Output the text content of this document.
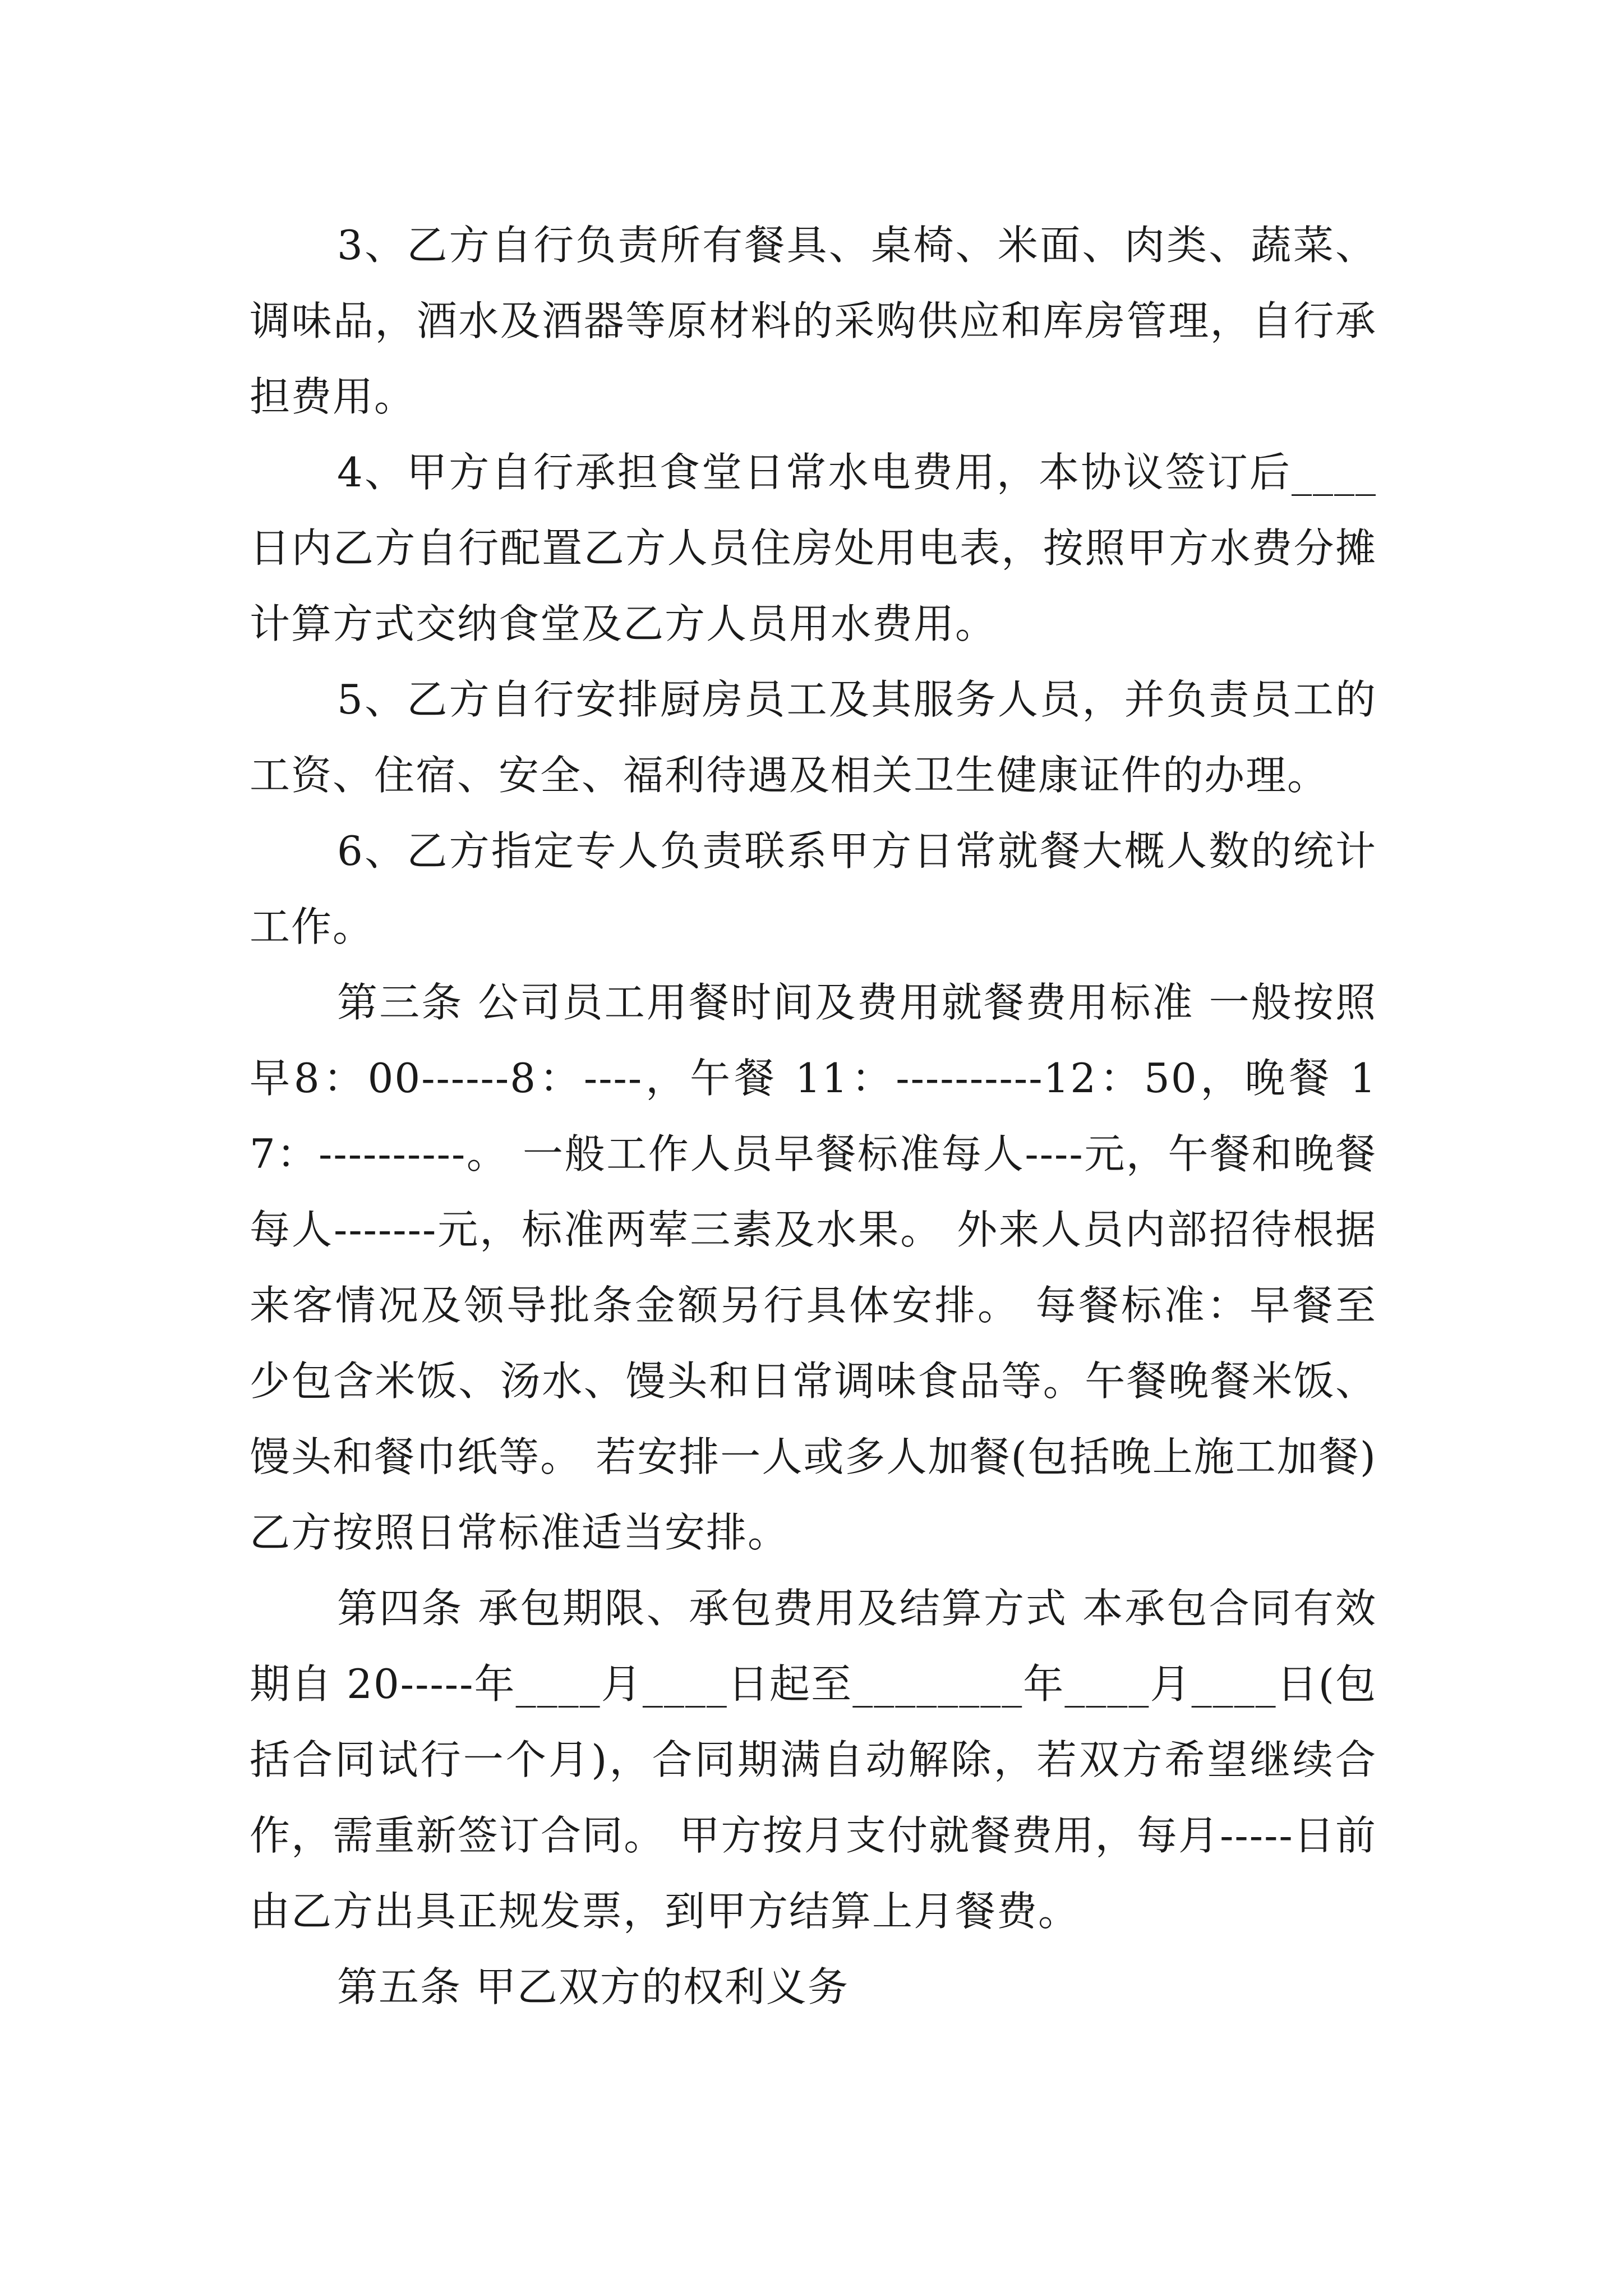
3、乙方自行负责所有餐具、桌椅、米面、肉类、蔬菜、调味品，酒水及酒器等原材料的采购供应和库房管理，自行承担费用。

4、甲方自行承担食堂日常水电费用，本协议签订后____日内乙方自行配置乙方人员住房处用电表，按照甲方水费分摊计算方式交纳食堂及乙方人员用水费用。

5、乙方自行安排厨房员工及其服务人员，并负责员工的工资、住宿、安全、福利待遇及相关卫生健康证件的办理。

6、乙方指定专人负责联系甲方日常就餐大概人数的统计工作。

第三条 公司员工用餐时间及费用就餐费用标准 一般按照早8：00------8：----，午餐 11：----------12：50，晚餐 17：----------。 一般工作人员早餐标准每人----元，午餐和晚餐每人-------元，标准两荤三素及水果。 外来人员内部招待根据来客情况及领导批条金额另行具体安排。 每餐标准：早餐至少包含米饭、汤水、馒头和日常调味食品等。午餐晚餐米饭、馒头和餐巾纸等。 若安排一人或多人加餐(包括晚上施工加餐)乙方按照日常标准适当安排。

第四条 承包期限、承包费用及结算方式 本承包合同有效期自 20-----年____月____日起至________年____月____日(包括合同试行一个月)，合同期满自动解除，若双方希望继续合作，需重新签订合同。 甲方按月支付就餐费用，每月-----日前由乙方出具正规发票，到甲方结算上月餐费。

第五条 甲乙双方的权利义务
